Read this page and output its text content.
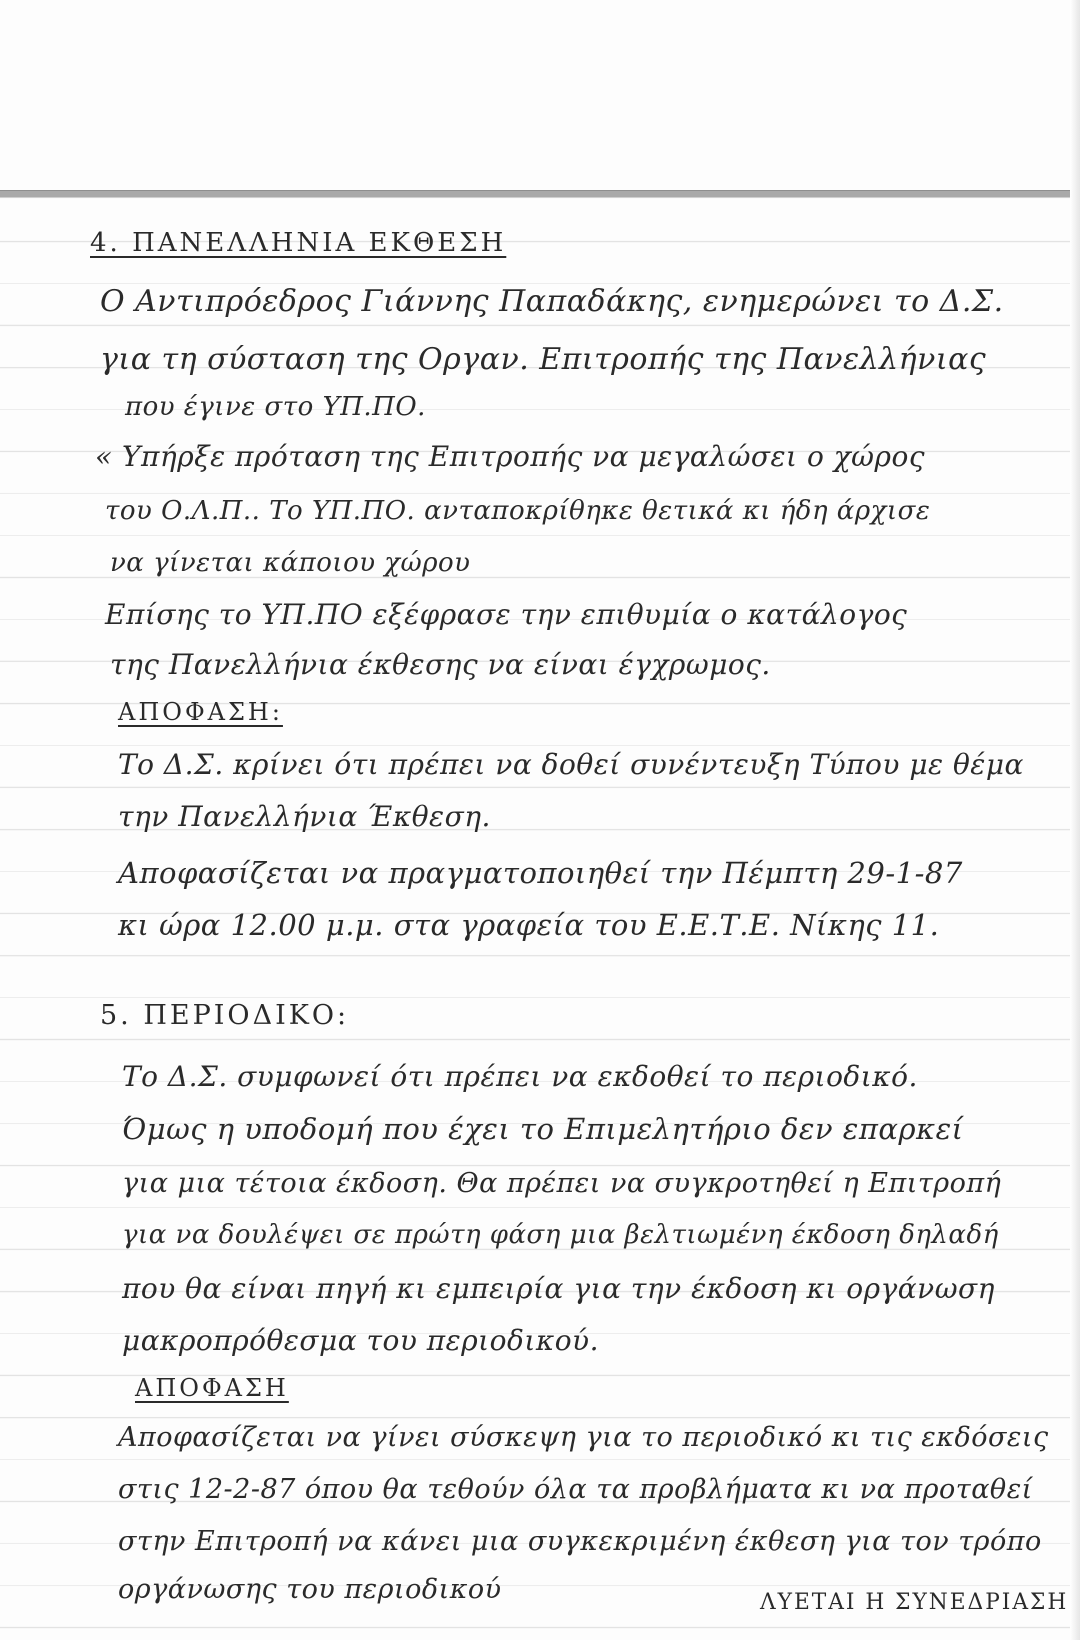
4. ΠΑΝΕΛΛΗΝΙΑ ΕΚΘΕΣΗ
Ο Αντιπρόεδρος Γιάννης Παπαδάκης, ενημερώνει το Δ.Σ.
για τη σύσταση της Οργαν. Επιτροπής της Πανελλήνιας
που έγινε στο ΥΠ.ΠΟ.
« Υπήρξε πρόταση της Επιτροπής να μεγαλώσει ο χώρος
του Ο.Λ.Π.. Το ΥΠ.ΠΟ. ανταποκρίθηκε θετικά κι ήδη άρχισε
να γίνεται κάποιου χώρου
Επίσης το ΥΠ.ΠΟ εξέφρασε την επιθυμία ο κατάλογος
της Πανελλήνια έκθεσης να είναι έγχρωμος.
ΑΠΟΦΑΣΗ:
Το Δ.Σ. κρίνει ότι πρέπει να δοθεί συνέντευξη Τύπου με θέμα
την Πανελλήνια Έκθεση.
Αποφασίζεται να πραγματοποιηθεί την Πέμπτη 29-1-87
κι ώρα 12.00 μ.μ. στα γραφεία του Ε.Ε.Τ.Ε. Νίκης 11.
5. ΠΕΡΙΟΔΙΚΟ:
Το Δ.Σ. συμφωνεί ότι πρέπει να εκδοθεί το περιοδικό.
Όμως η υποδομή που έχει το Επιμελητήριο δεν επαρκεί
για μια τέτοια έκδοση. Θα πρέπει να συγκροτηθεί η Επιτροπή
για να δουλέψει σε πρώτη φάση μια βελτιωμένη έκδοση δηλαδή
που θα είναι πηγή κι εμπειρία για την έκδοση κι οργάνωση
μακροπρόθεσμα του περιοδικού.
ΑΠΟΦΑΣΗ
Αποφασίζεται να γίνει σύσκεψη για το περιοδικό κι τις εκδόσεις
στις 12-2-87 όπου θα τεθούν όλα τα προβλήματα κι να προταθεί
στην Επιτροπή να κάνει μια συγκεκριμένη έκθεση για τον τρόπο
οργάνωσης του περιοδικού	ΛΥΕΤΑΙ Η ΣΥΝΕΔΡΙΑΣΗ
